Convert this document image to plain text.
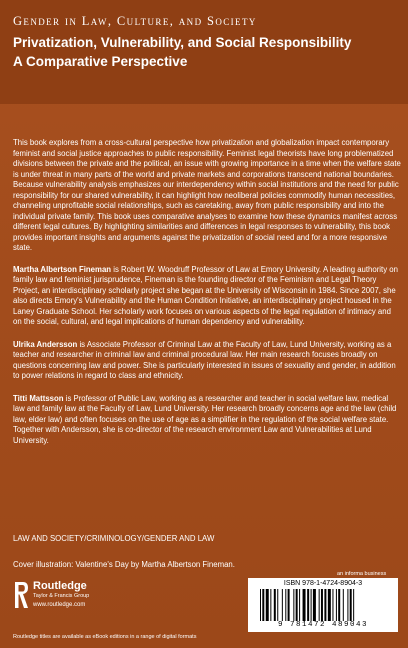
Gender in Law, Culture, and Society
Privatization, Vulnerability, and Social Responsibility
A Comparative Perspective

This book explores from a cross-cultural perspective how privatization and globalization impact contemporary feminist and social justice approaches to public responsibility. Feminist legal theorists have long problematized divisions between the private and the political, an issue with growing importance in a time when the welfare state is under threat in many parts of the world and private markets and corporations transcend national boundaries. Because vulnerability analysis emphasizes our interdependency within social institutions and the need for public responsibility for our shared vulnerability, it can highlight how neoliberal policies commodify human necessities, channeling unprofitable social relationships, such as caretaking, away from public responsibility and into the individual private family. This book uses comparative analyses to examine how these dynamics manifest across different legal cultures. By highlighting similarities and differences in legal responses to vulnerability, this book provides important insights and arguments against the privatization of social need and for a more responsive state.

Martha Albertson Fineman is Robert W. Woodruff Professor of Law at Emory University. A leading authority on family law and feminist jurisprudence, Fineman is the founding director of the Feminism and Legal Theory Project, an interdisciplinary scholarly project she began at the University of Wisconsin in 1984. Since 2007, she also directs Emory's Vulnerability and the Human Condition Initiative, an interdisciplinary project housed in the Laney Graduate School. Her scholarly work focuses on various aspects of the legal regulation of intimacy and on the social, cultural, and legal implications of human dependency and vulnerability.

Ulrika Andersson is Associate Professor of Criminal Law at the Faculty of Law, Lund University, working as a teacher and researcher in criminal law and criminal procedural law. Her main research focuses broadly on questions concerning law and power. She is particularly interested in issues of sexuality and gender, in addition to power relations in regard to class and ethnicity.

Titti Mattsson is Professor of Public Law, working as a researcher and teacher in social welfare law, medical law and family law at the Faculty of Law, Lund University. Her research broadly concerns age and the law (child law, elder law) and often focuses on the use of age as a simplifier in the regulation of the social welfare state. Together with Andersson, she is co-director of the research environment Law and Vulnerabilities at Lund University.

LAW AND SOCIETY/CRIMINOLOGY/GENDER AND LAW
Cover illustration: Valentine's Day by Martha Albertson Fineman.
an informa business
Routledge
Taylor & Francis Group
www.routledge.com
ISBN 978-1-4724-8904-3
9 781472 489043
Routledge titles are available as eBook editions in a range of digital formats
